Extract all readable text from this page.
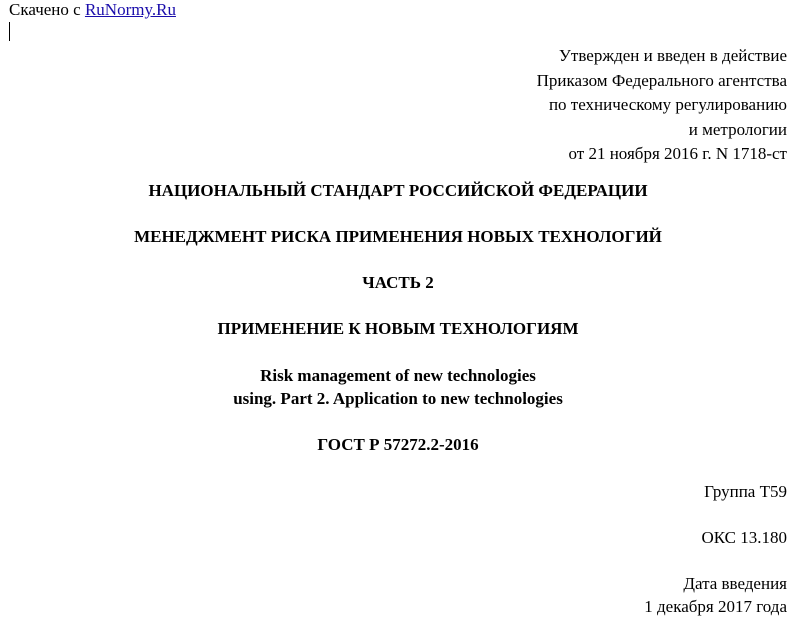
Скачено с RuNormy.Ru
Утвержден и введен в действие
Приказом Федерального агентства
по техническому регулированию
и метрологии
от 21 ноября 2016 г. N 1718-ст
НАЦИОНАЛЬНЫЙ СТАНДАРТ РОССИЙСКОЙ ФЕДЕРАЦИИ
МЕНЕДЖМЕНТ РИСКА ПРИМЕНЕНИЯ НОВЫХ ТЕХНОЛОГИЙ
ЧАСТЬ 2
ПРИМЕНЕНИЕ К НОВЫМ ТЕХНОЛОГИЯМ
Risk management of new technologies
using. Part 2. Application to new technologies
ГОСТ Р 57272.2-2016
Группа Т59
ОКС 13.180
Дата введения
1 декабря 2017 года
